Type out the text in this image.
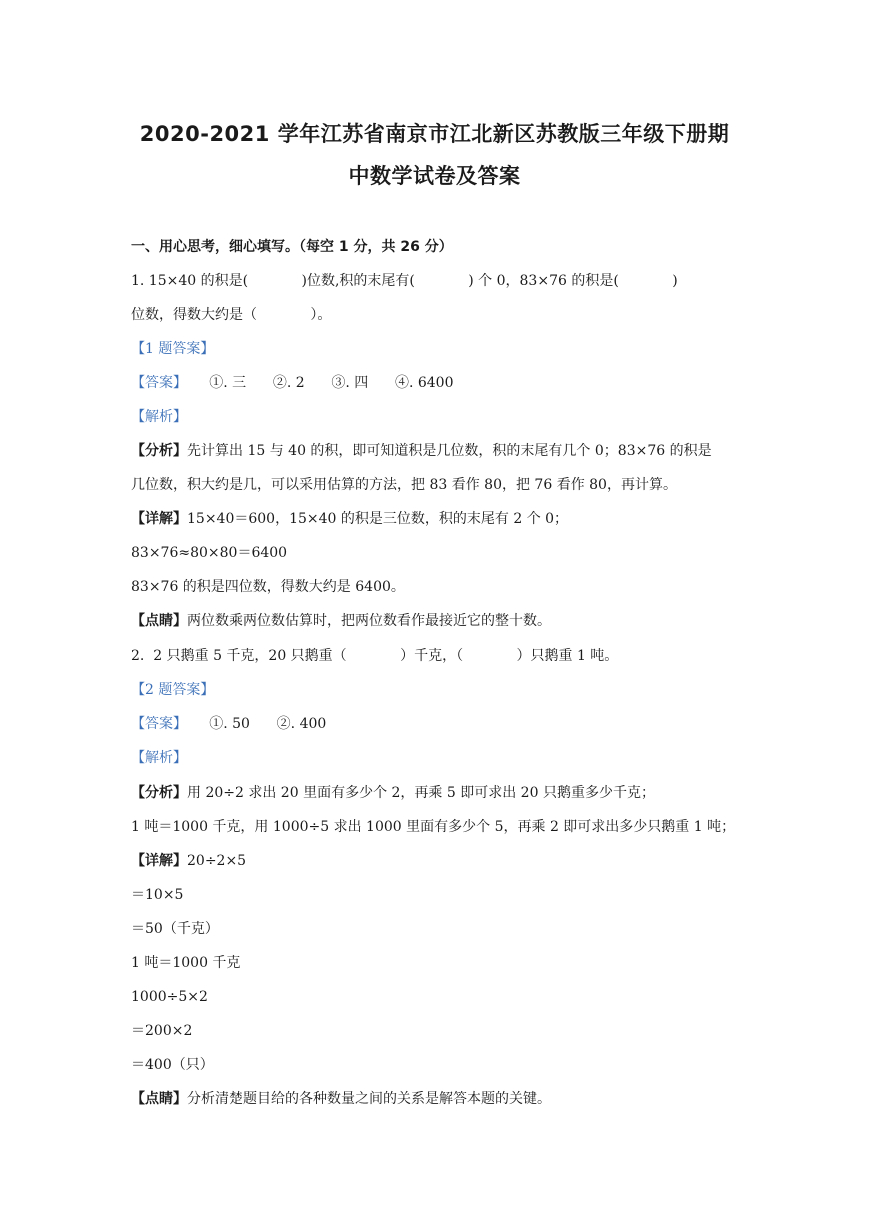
2020-2021 学年江苏省南京市江北新区苏教版三年级下册期
中数学试卷及答案
一、用心思考，细心填写。（每空 1 分，共 26 分）
1. 15×40 的积是(            )位数,积的末尾有(            ) 个 0，83×76 的积是(            )
位数，得数大约是（            ）。
【1 题答案】
【答案】     ①. 三      ②. 2      ③. 四      ④. 6400
【解析】
【分析】先计算出 15 与 40 的积，即可知道积是几位数，积的末尾有几个 0；83×76 的积是
几位数，积大约是几，可以采用估算的方法，把 83 看作 80，把 76 看作 80，再计算。
【详解】15×40＝600，15×40 的积是三位数，积的末尾有 2 个 0；
83×76≈80×80＝6400
83×76 的积是四位数，得数大约是 6400。
【点睛】两位数乘两位数估算时，把两位数看作最接近它的整十数。
2.  2 只鹅重 5 千克，20 只鹅重（            ）千克，（            ）只鹅重 1 吨。
【2 题答案】
【答案】     ①. 50      ②. 400
【解析】
【分析】用 20÷2 求出 20 里面有多少个 2，再乘 5 即可求出 20 只鹅重多少千克；
1 吨＝1000 千克，用 1000÷5 求出 1000 里面有多少个 5，再乘 2 即可求出多少只鹅重 1 吨；
【详解】20÷2×5
＝10×5
＝50（千克）
1 吨＝1000 千克
1000÷5×2
＝200×2
＝400（只）
【点睛】分析清楚题目给的各种数量之间的关系是解答本题的关键。
